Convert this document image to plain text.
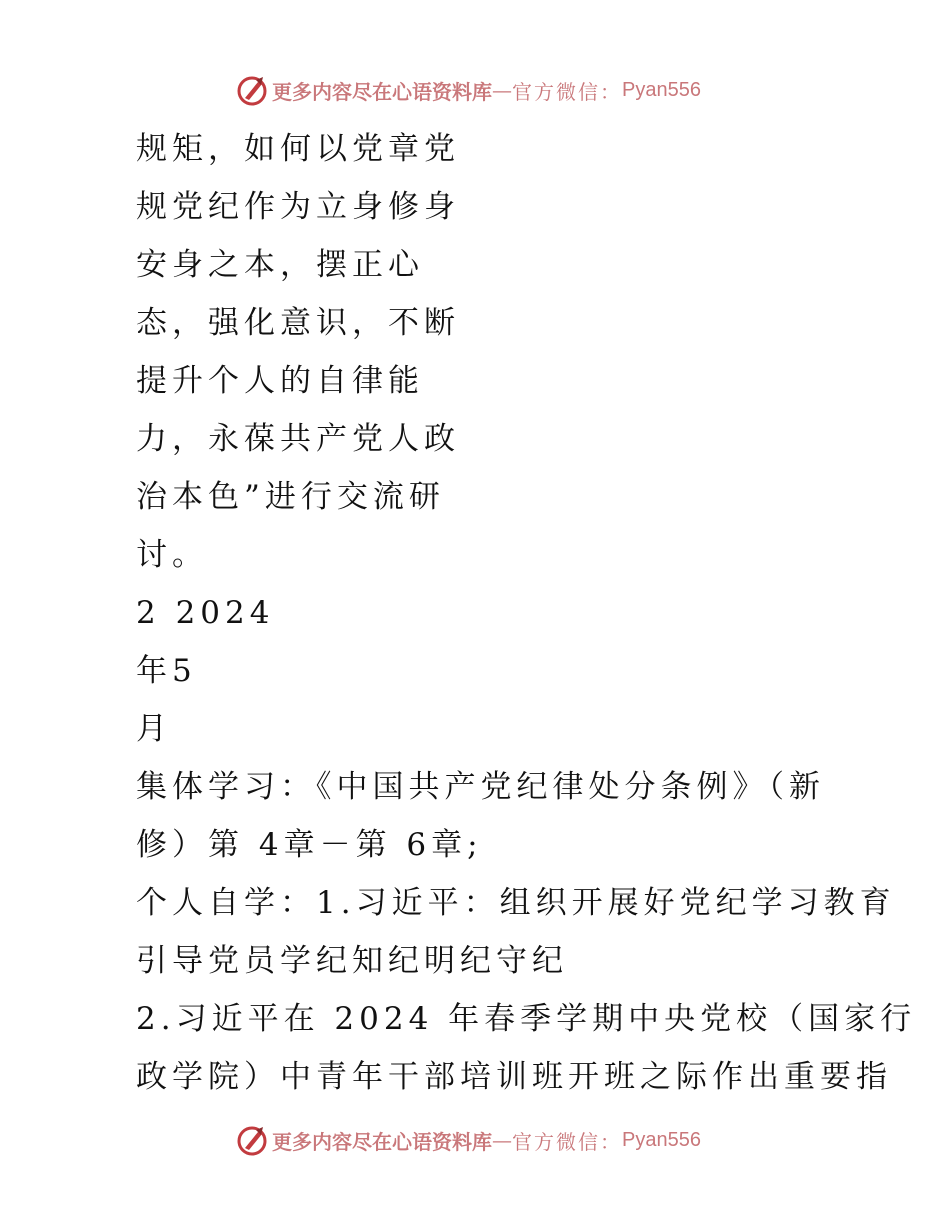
更多内容尽在心语资料库 — 官方微信： Pyan556
规矩，如何以党章党
规党纪作为立身修身
安身之本，摆正心
态，强化意识，不断
提升个人的自律能
力，永葆共产党人政
治本色”进行交流研
讨。
2 2024
年5
月
集体学习：《中国共产党纪律处分条例》（新
修）第 4章－第 6章;
个人自学：1.习近平：组织开展好党纪学习教育
引导党员学纪知纪明纪守纪
2.习近平在 2024 年春季学期中央党校（国家行
政学院）中青年干部培训班开班之际作出重要指
更多内容尽在心语资料库 — 官方微信： Pyan556
